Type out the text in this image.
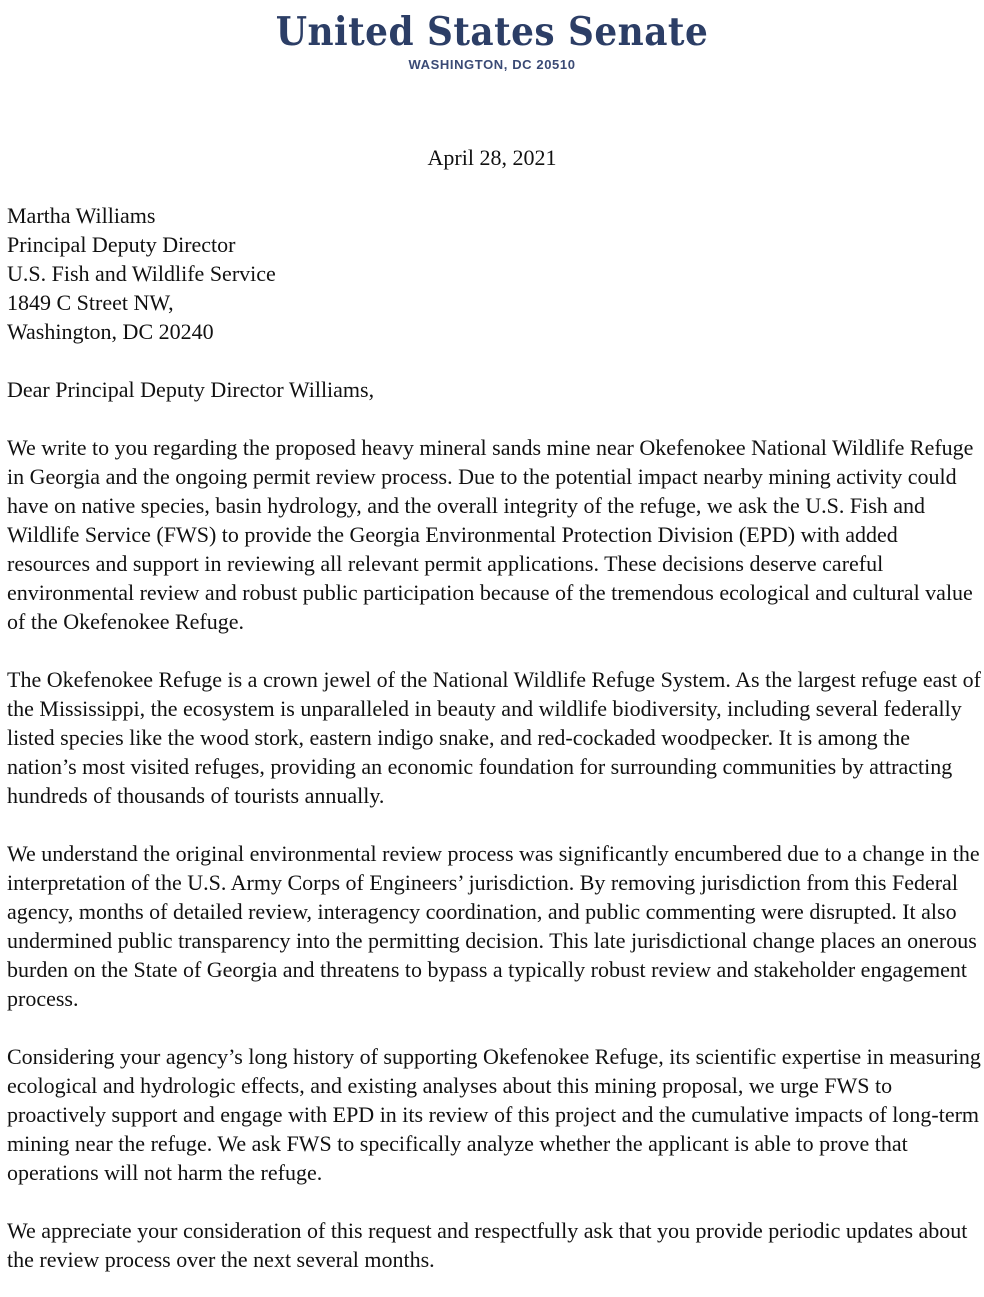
United States Senate
WASHINGTON, DC 20510
April 28, 2021
Martha Williams
Principal Deputy Director
U.S. Fish and Wildlife Service
1849 C Street NW,
Washington, DC 20240
Dear Principal Deputy Director Williams,
We write to you regarding the proposed heavy mineral sands mine near Okefenokee National Wildlife Refuge in Georgia and the ongoing permit review process. Due to the potential impact nearby mining activity could have on native species, basin hydrology, and the overall integrity of the refuge, we ask the U.S. Fish and Wildlife Service (FWS) to provide the Georgia Environmental Protection Division (EPD) with added resources and support in reviewing all relevant permit applications. These decisions deserve careful environmental review and robust public participation because of the tremendous ecological and cultural value of the Okefenokee Refuge.
The Okefenokee Refuge is a crown jewel of the National Wildlife Refuge System. As the largest refuge east of the Mississippi, the ecosystem is unparalleled in beauty and wildlife biodiversity, including several federally listed species like the wood stork, eastern indigo snake, and red-cockaded woodpecker. It is among the nation’s most visited refuges, providing an economic foundation for surrounding communities by attracting hundreds of thousands of tourists annually.
We understand the original environmental review process was significantly encumbered due to a change in the interpretation of the U.S. Army Corps of Engineers’ jurisdiction. By removing jurisdiction from this Federal agency, months of detailed review, interagency coordination, and public commenting were disrupted. It also undermined public transparency into the permitting decision. This late jurisdictional change places an onerous burden on the State of Georgia and threatens to bypass a typically robust review and stakeholder engagement process.
Considering your agency’s long history of supporting Okefenokee Refuge, its scientific expertise in measuring ecological and hydrologic effects, and existing analyses about this mining proposal, we urge FWS to proactively support and engage with EPD in its review of this project and the cumulative impacts of long-term mining near the refuge. We ask FWS to specifically analyze whether the applicant is able to prove that operations will not harm the refuge.
We appreciate your consideration of this request and respectfully ask that you provide periodic updates about the review process over the next several months.
